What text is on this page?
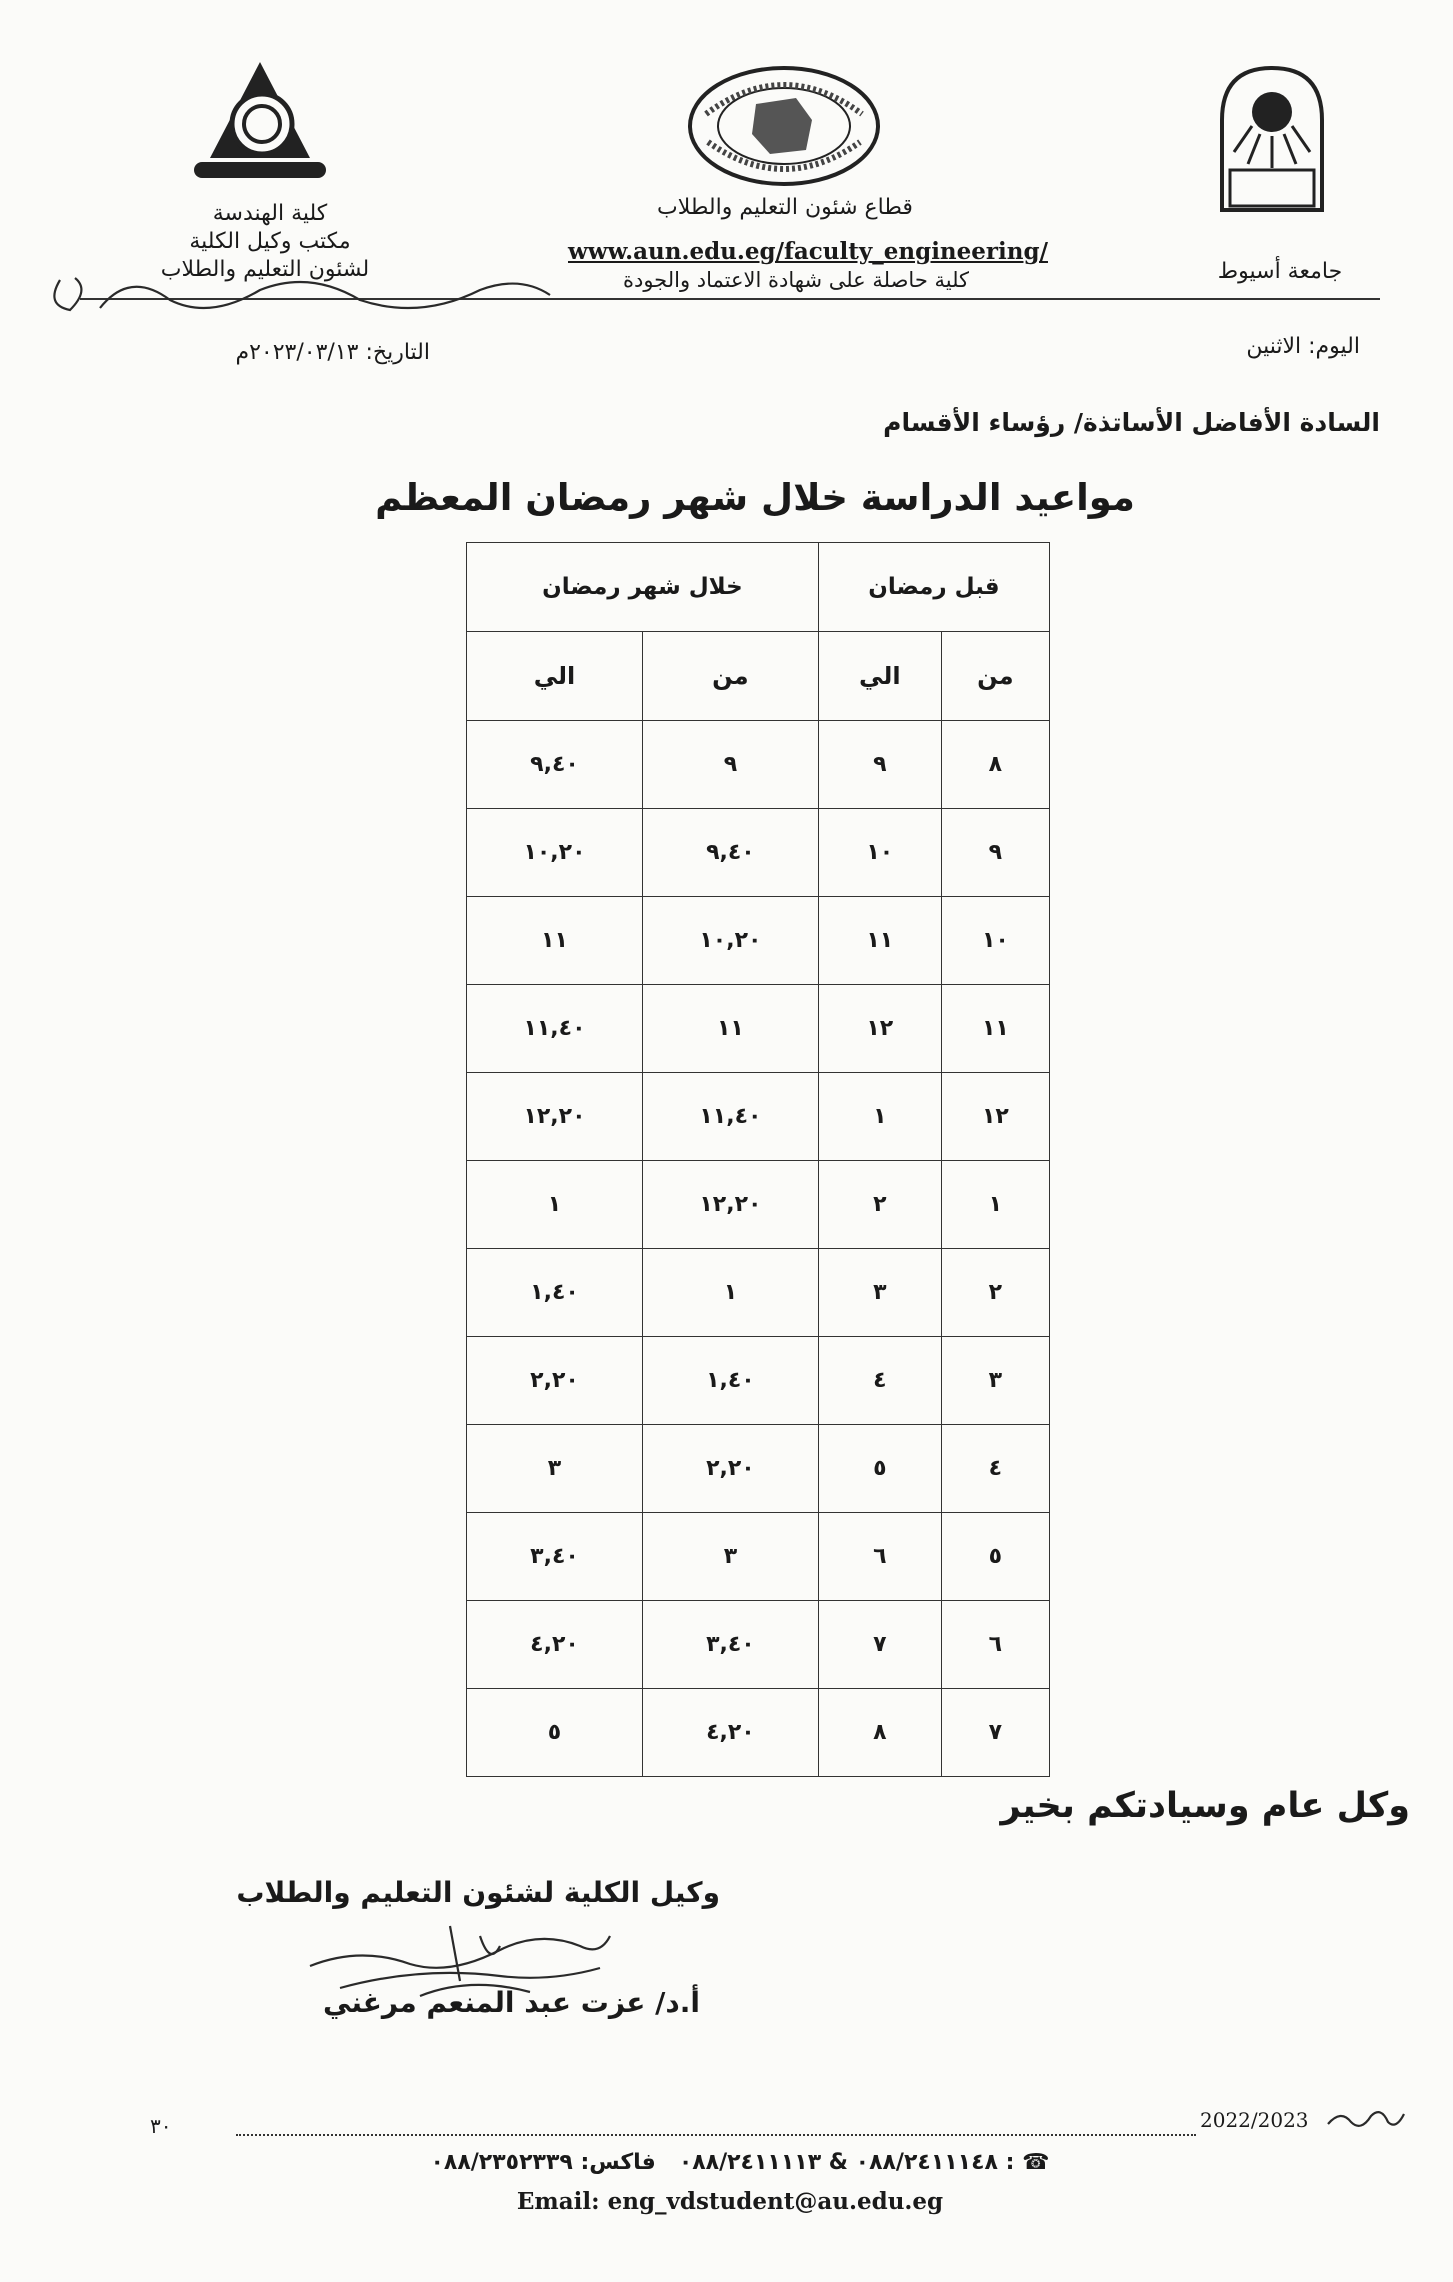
جامعة أسيوط
قطاع شئون التعليم والطلاب
www.aun.edu.eg/faculty_engineering/
كلية حاصلة على شهادة الاعتماد والجودة
كلية الهندسة
مكتب وكيل الكلية
لشئون التعليم والطلاب
اليوم: الاثنين
التاريخ: ٢٠٢٣/٠٣/١٣م
السادة الأفاضل الأساتذة/ رؤساء الأقسام
مواعيد الدراسة خلال شهر رمضان المعظم
قبل رمضان		خلال شهر رمضان	
من	الي	من	الي
٨	٩	٩	٩,٤٠
٩	١٠	٩,٤٠	١٠,٢٠
١٠	١١	١٠,٢٠	١١
١١	١٢	١١	١١,٤٠
١٢	١	١١,٤٠	١٢,٢٠
١	٢	١٢,٢٠	١
٢	٣	١	١,٤٠
٣	٤	١,٤٠	٢,٢٠
٤	٥	٢,٢٠	٣
٥	٦	٣	٣,٤٠
٦	٧	٣,٤٠	٤,٢٠
٧	٨	٤,٢٠	٥
وكل عام وسيادتكم بخير
وكيل الكلية لشئون التعليم والطلاب
أ.د/ عزت عبد المنعم مرغني
٣٠	2022/2023
☎ : ٠٨٨/٢٤١١١٤٨ & ٠٨٨/٢٤١١١١٣   فاكس: ٠٨٨/٢٣٥٢٣٣٩
Email: eng_vdstudent@au.edu.eg
